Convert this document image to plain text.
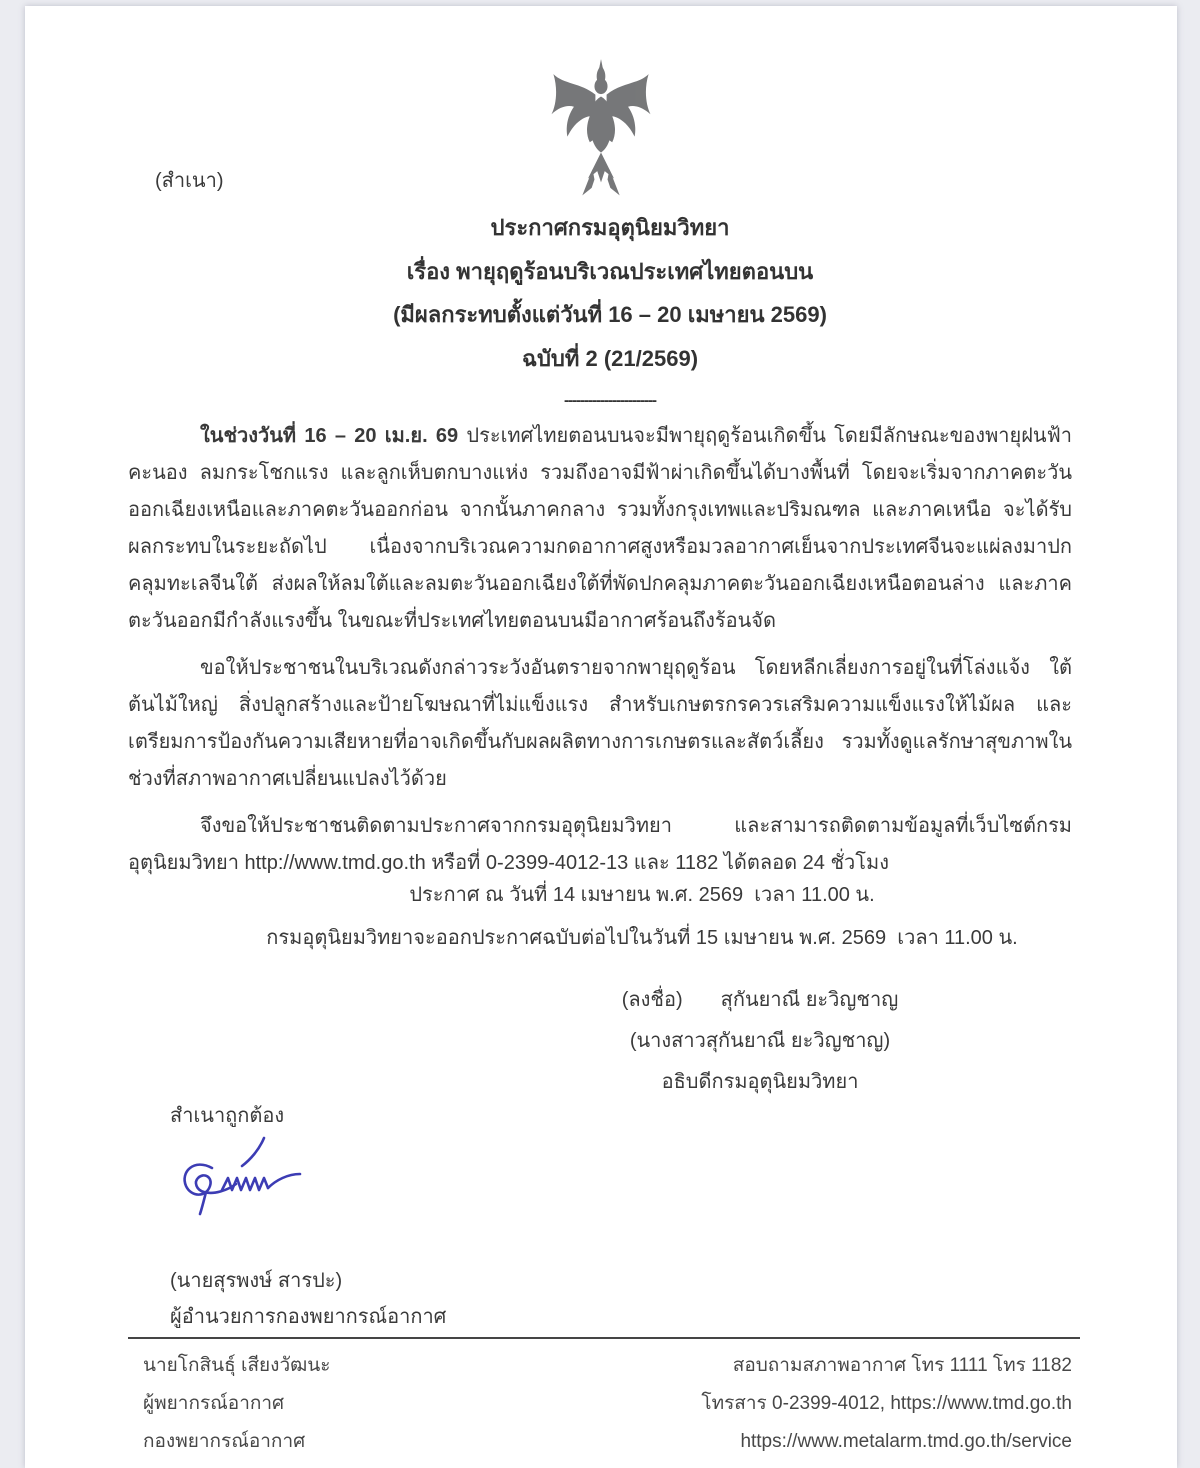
(สำเนา)
ประกาศกรมอุตุนิยมวิทยา
เรื่อง พายุฤดูร้อนบริเวณประเทศไทยตอนบน
(มีผลกระทบตั้งแต่วันที่ 16 – 20 เมษายน 2569)
ฉบับที่ 2 (21/2569)
-----------------------

ในช่วงวันที่ 16 – 20 เม.ย. 69 ประเทศไทยตอนบนจะมีพายุฤดูร้อนเกิดขึ้น โดยมีลักษณะของพายุฝนฟ้าคะนอง ลมกระโชกแรง และลูกเห็บตกบางแห่ง รวมถึงอาจมีฟ้าผ่าเกิดขึ้นได้บางพื้นที่ โดยจะเริ่มจากภาคตะวันออกเฉียงเหนือและภาคตะวันออกก่อน จากนั้นภาคกลาง รวมทั้งกรุงเทพและปริมณฑล และภาคเหนือ จะได้รับผลกระทบในระยะถัดไป เนื่องจากบริเวณความกดอากาศสูงหรือมวลอากาศเย็นจากประเทศจีนจะแผ่ลงมาปกคลุมทะเลจีนใต้ ส่งผลให้ลมใต้และลมตะวันออกเฉียงใต้ที่พัดปกคลุมภาคตะวันออกเฉียงเหนือตอนล่าง และภาคตะวันออกมีกำลังแรงขึ้น ในขณะที่ประเทศไทยตอนบนมีอากาศร้อนถึงร้อนจัด

ขอให้ประชาชนในบริเวณดังกล่าวระวังอันตรายจากพายุฤดูร้อน โดยหลีกเลี่ยงการอยู่ในที่โล่งแจ้ง ใต้ต้นไม้ใหญ่ สิ่งปลูกสร้างและป้ายโฆษณาที่ไม่แข็งแรง สำหรับเกษตรกรควรเสริมความแข็งแรงให้ไม้ผล และเตรียมการป้องกันความเสียหายที่อาจเกิดขึ้นกับผลผลิตทางการเกษตรและสัตว์เลี้ยง รวมทั้งดูแลรักษาสุขภาพในช่วงที่สภาพอากาศเปลี่ยนแปลงไว้ด้วย

จึงขอให้ประชาชนติดตามประกาศจากกรมอุตุนิยมวิทยา และสามารถติดตามข้อมูลที่เว็บไซต์กรมอุตุนิยมวิทยา http://www.tmd.go.th หรือที่ 0-2399-4012-13 และ 1182 ได้ตลอด 24 ชั่วโมง

ประกาศ ณ วันที่ 14 เมษายน พ.ศ. 2569  เวลา 11.00 น.
กรมอุตุนิยมวิทยาจะออกประกาศฉบับต่อไปในวันที่ 15 เมษายน พ.ศ. 2569  เวลา 11.00 น.
(ลงชื่อ) สุกันยาณี ยะวิญชาญ
(นางสาวสุกันยาณี ยะวิญชาญ)
อธิบดีกรมอุตุนิยมวิทยา
สำเนาถูกต้อง
(นายสุรพงษ์ สารปะ)
ผู้อำนวยการกองพยากรณ์อากาศ
นายโกสินธุ์ เสียงวัฒนะ
ผู้พยากรณ์อากาศ
กองพยากรณ์อากาศ
สอบถามสภาพอากาศ โทร 1111 โทร 1182
โทรสาร 0-2399-4012, https://www.tmd.go.th
https://www.metalarm.tmd.go.th/service
